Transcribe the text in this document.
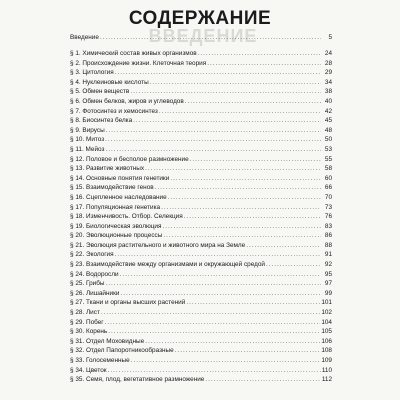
ВВЕДЕНИЕ
СОДЕРЖАНИЕ
Введение . . .	5
§ 1. Химический состав живых организмов . . .	24
§ 2. Происхождение жизни. Клеточная теория . . .	28
§ 3. Цитология . . .	29
§ 4. Нуклеиновые кислоты . . .	34
§ 5. Обмен веществ . . .	38
§ 6. Обмен белков, жиров и углеводов . . .	40
§ 7. Фотосинтез и хемосинтез . . .	42
§ 8. Биосинтез белка . . .	45
§ 9. Вирусы . . .	48
§ 10. Митоз . . .	50
§ 11. Мейоз . . .	53
§ 12. Половое и бесполое размножение . . .	55
§ 13. Развитие животных . . .	58
§ 14. Основные понятия генетики . . .	60
§ 15. Взаимодействие генов . . .	66
§ 16. Сцепленное наследование . . .	70
§ 17. Популяционная генетика . . .	73
§ 18. Изменчивость. Отбор. Селекция . . .	76
§ 19. Биологическая эволюция . . .	83
§ 20. Эволюционные процессы . . .	86
§ 21. Эволюция растительного и животного мира на Земле . . .	88
§ 22. Экология . . .	91
§ 23. Взаимодействие между организмами и окружающей средой . . .	92
§ 24. Водоросли . . .	95
§ 25. Грибы . . .	97
§ 26. Лишайники . . .	99
§ 27. Ткани и органы высших растений . . .	101
§ 28. Лист . . .	102
§ 29. Побег . . .	104
§ 30. Корень . . .	105
§ 31. Отдел Моховидные . . .	106
§ 32. Отдел Папоротникообразные . . .	108
§ 33. Голосеменные . . .	109
§ 34. Цветок . . .	110
§ 35. Семя, плод, вегетативное размножение . . .	112
